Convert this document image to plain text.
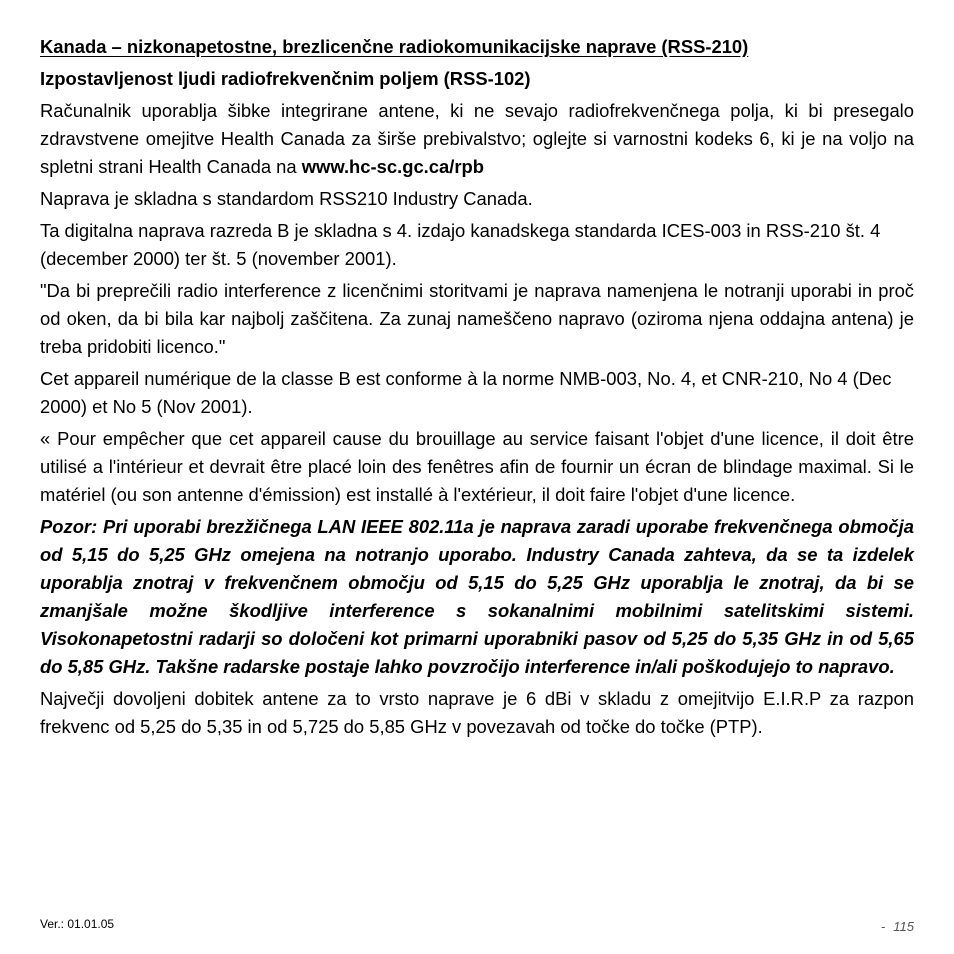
Kanada – nizkonapetostne, brezlicenčne radiokomunikacijske naprave (RSS-210)
Izpostavljenost ljudi radiofrekvenčnim poljem (RSS-102)

Računalnik uporablja šibke integrirane antene, ki ne sevajo radiofrekvenčnega polja, ki bi presegalo zdravstvene omejitve Health Canada za širše prebivalstvo; oglejte si varnostni kodeks 6, ki je na voljo na spletni strani Health Canada na www.hc-sc.gc.ca/rpb

Naprava je skladna s standardom RSS210 Industry Canada.

Ta digitalna naprava razreda B je skladna s 4. izdajo kanadskega standarda ICES-003 in RSS-210 št. 4 (december 2000) ter št. 5 (november 2001).

"Da bi preprečili radio interference z licenčnimi storitvami je naprava namenjena le notranji uporabi in proč od oken, da bi bila kar najbolj zaščitena. Za zunaj nameščeno napravo (oziroma njena oddajna antena) je treba pridobiti licenco."

Cet appareil numérique de la classe B est conforme à la norme NMB-003, No. 4, et CNR-210, No 4 (Dec 2000) et No 5 (Nov 2001).

« Pour empêcher que cet appareil cause du brouillage au service faisant l'objet d'une licence, il doit être utilisé a l'intérieur et devrait être placé loin des fenêtres afin de fournir un écran de blindage maximal. Si le matériel (ou son antenne d'émission) est installé à l'extérieur, il doit faire l'objet d'une licence.

Pozor: Pri uporabi brezžičnega LAN IEEE 802.11a je naprava zaradi uporabe frekvenčnega območja od 5,15 do 5,25 GHz omejena na notranjo uporabo. Industry Canada zahteva, da se ta izdelek uporablja znotraj v frekvenčnem območju od 5,15 do 5,25 GHz uporablja le znotraj, da bi se zmanjšale možne škodljive interference s sokanalnimi mobilnimi satelitskimi sistemi. Visokonapetostni radarji so določeni kot primarni uporabniki pasov od 5,25 do 5,35 GHz in od 5,65 do 5,85 GHz. Takšne radarske postaje lahko povzročijo interference in/ali poškodujejo to napravo.

Največji dovoljeni dobitek antene za to vrsto naprave je 6 dBi v skladu z omejitvijo E.I.R.P za razpon frekvenc od 5,25 do 5,35 in od 5,725 do 5,85 GHz v povezavah od točke do točke (PTP).

Ver.: 01.01.05	- 115
